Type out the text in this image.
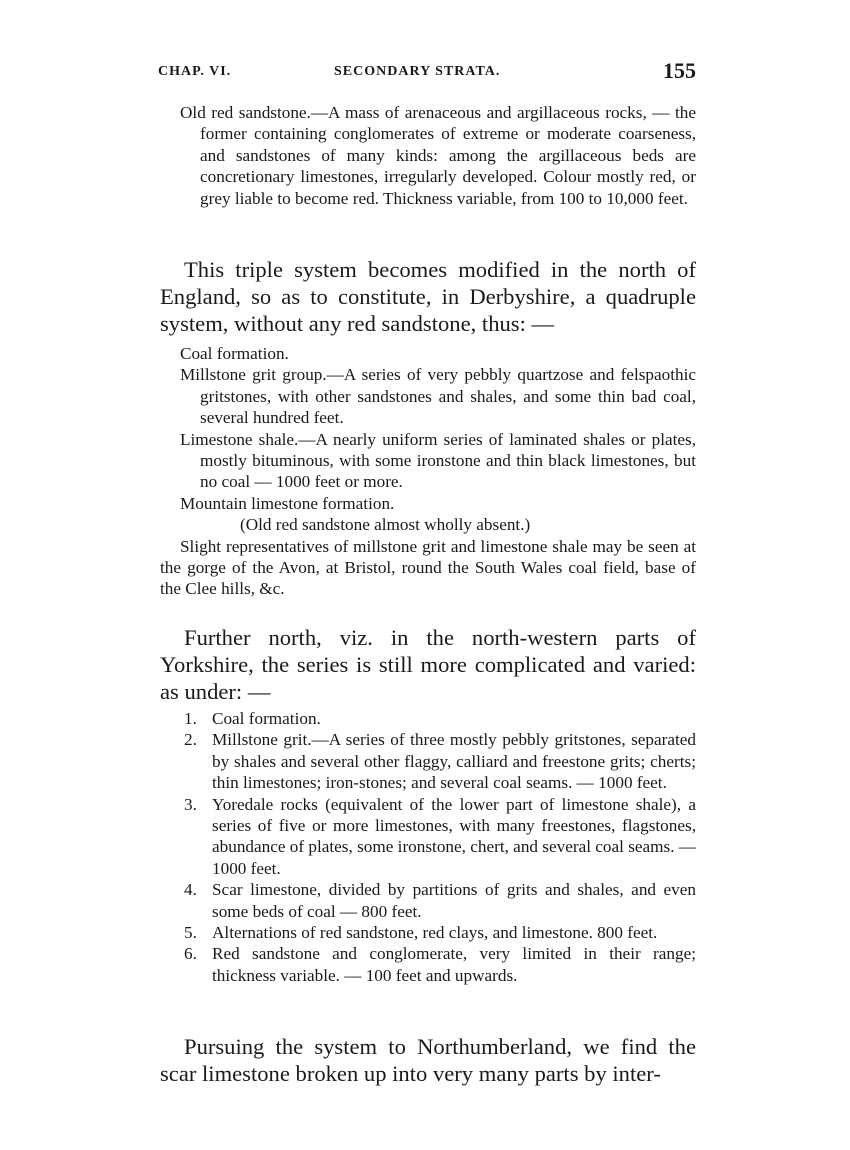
CHAP. VI.	SECONDARY STRATA.	155

Old red sandstone.—A mass of arenaceous and argillaceous rocks, — the former containing conglomerates of extreme or moderate coarseness, and sandstones of many kinds: among the argillaceous beds are concretionary limestones, irregularly developed. Colour mostly red, or grey liable to become red. Thickness variable, from 100 to 10,000 feet.

This triple system becomes modified in the north of England, so as to constitute, in Derbyshire, a quadruple system, without any red sandstone, thus: —

Coal formation.

Millstone grit group.—A series of very pebbly quartzose and felspaothic gritstones, with other sandstones and shales, and some thin bad coal, several hundred feet.

Limestone shale.—A nearly uniform series of laminated shales or plates, mostly bituminous, with some ironstone and thin black limestones, but no coal — 1000 feet or more.

Mountain limestone formation.

(Old red sandstone almost wholly absent.)

Slight representatives of millstone grit and limestone shale may be seen at the gorge of the Avon, at Bristol, round the South Wales coal field, base of the Clee hills, &c.

Further north, viz. in the north-western parts of Yorkshire, the series is still more complicated and varied: as under: —

1. Coal formation.

2. Millstone grit.—A series of three mostly pebbly gritstones, separated by shales and several other flaggy, calliard and freestone grits; cherts; thin limestones; iron-stones; and several coal seams. — 1000 feet.

3. Yoredale rocks (equivalent of the lower part of limestone shale), a series of five or more limestones, with many freestones, flagstones, abundance of plates, some ironstone, chert, and several coal seams. —1000 feet.

4. Scar limestone, divided by partitions of grits and shales, and even some beds of coal — 800 feet.

5. Alternations of red sandstone, red clays, and limestone. 800 feet.

6. Red sandstone and conglomerate, very limited in their range; thickness variable. — 100 feet and upwards.

Pursuing the system to Northumberland, we find the scar limestone broken up into very many parts by inter-
